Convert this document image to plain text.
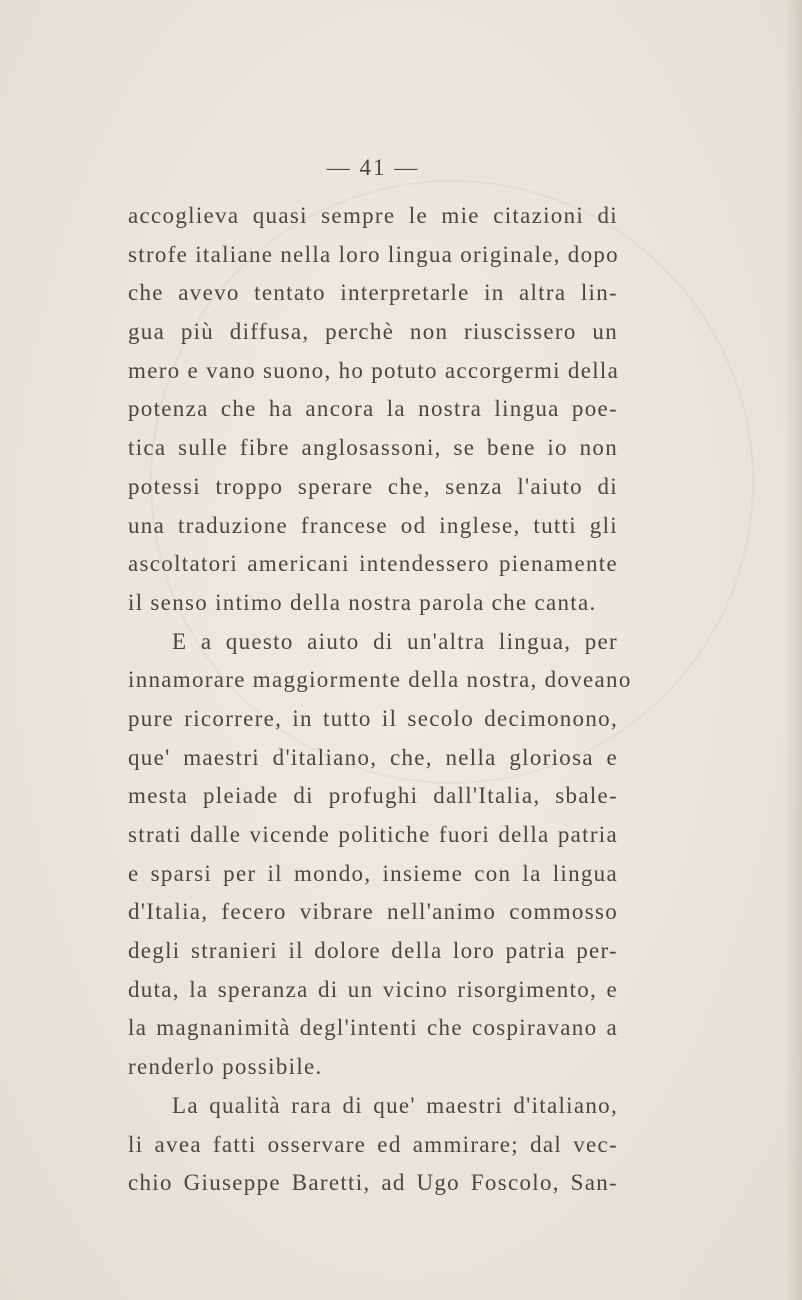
— 41 —
accoglieva quasi sempre le mie citazioni di
strofe italiane nella loro lingua originale, dopo
che avevo tentato interpretarle in altra lin-
gua più diffusa, perchè non riuscissero un
mero e vano suono, ho potuto accorgermi della
potenza che ha ancora la nostra lingua poe-
tica sulle fibre anglosassoni, se bene io non
potessi troppo sperare che, senza l'aiuto di
una traduzione francese od inglese, tutti gli
ascoltatori americani intendessero pienamente
il senso intimo della nostra parola che canta.
E a questo aiuto di un'altra lingua, per
innamorare maggiormente della nostra, doveano
pure ricorrere, in tutto il secolo decimonono,
que' maestri d'italiano, che, nella gloriosa e
mesta pleiade di profughi dall'Italia, sbale-
strati dalle vicende politiche fuori della patria
e sparsi per il mondo, insieme con la lingua
d'Italia, fecero vibrare nell'animo commosso
degli stranieri il dolore della loro patria per-
duta, la speranza di un vicino risorgimento, e
la magnanimità degl'intenti che cospiravano a
renderlo possibile.
La qualità rara di que' maestri d'italiano,
li avea fatti osservare ed ammirare; dal vec-
chio Giuseppe Baretti, ad Ugo Foscolo, San-
